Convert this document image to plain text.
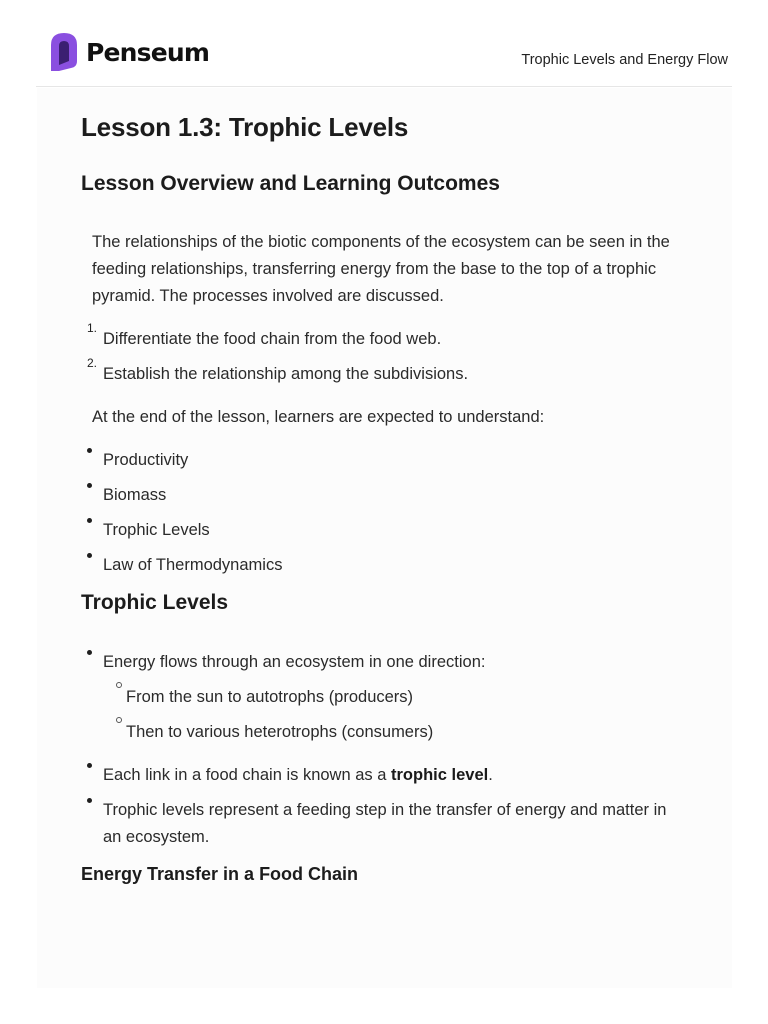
Penseum	Trophic Levels and Energy Flow
Lesson 1.3: Trophic Levels
Lesson Overview and Learning Outcomes

The relationships of the biotic components of the ecosystem can be seen in the feeding relationships, transferring energy from the base to the top of a trophic pyramid. The processes involved are discussed.

1.
Differentiate the food chain from the food web.
2.
Establish the relationship among the subdivisions.

At the end of the lesson, learners are expected to understand:

Productivity
Biomass
Trophic Levels
Law of Thermodynamics
Trophic Levels
Energy flows through an ecosystem in one direction:
From the sun to autotrophs (producers)
Then to various heterotrophs (consumers)
Each link in a food chain is known as a trophic level.
Trophic levels represent a feeding step in the transfer of energy and matter in an ecosystem.
Energy Transfer in a Food Chain
